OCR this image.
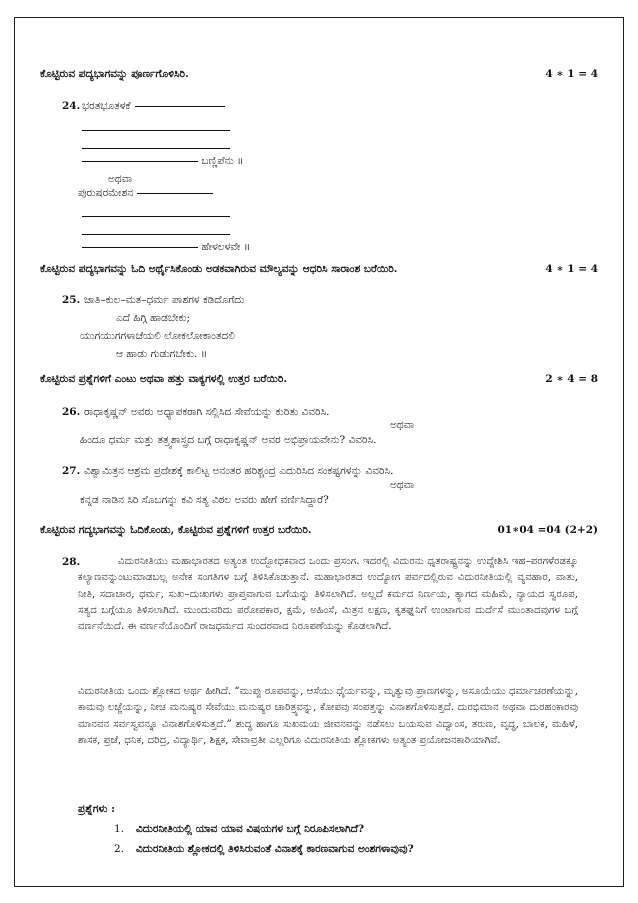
ಕೊಟ್ಟಿರುವ ಪದ್ಯಭಾಗವನ್ನು ಪೂರ್ಣಗೊಳಿಸಿರಿ.	4 ∗ 1 = 4
24. ಭರತಭೂತಳಕೆ
ಬಣ್ಣಿಪೆನು ॥
ಅಥವಾ
ಪುರುಷರಮೇಶನ
ಹೇಳಲಳವೇ ॥
ಕೊಟ್ಟಿರುವ ಪದ್ಯಭಾಗವನ್ನು ಓದಿ ಅರ್ಥೈಸಿಕೊಂಡು ಅಡಕವಾಗಿರುವ ಮೌಲ್ಯವನ್ನು ಆಧರಿಸಿ ಸಾರಾಂಶ ಬರೆಯಿರಿ.	4 ∗ 1 = 4
25. ಜಾತಿ–ಕುಲ–ಮತ–ಧರ್ಮ ಪಾಶಗಳ ಕಡಿದೊಗೆದು
ಎದೆ ಹಿಗ್ಗಿ ಹಾಡಬೇಕು;
ಯುಗಯುಗಗಳಾಚೆಯಲಿ ಲೋಕಲೋಕಾಂತದಲಿ
ಆ ಹಾಡು ಗುಡುಗಬೇಕು. ॥
ಕೊಟ್ಟಿರುವ ಪ್ರಶ್ನೆಗಳಿಗೆ ಎಂಟು ಅಥವಾ ಹತ್ತು ವಾಕ್ಯಗಳಲ್ಲಿ ಉತ್ತರ ಬರೆಯಿರಿ.	2 ∗ 4 = 8
26. ರಾಧಾಕೃಷ್ಣನ್ ಅವರು ಅಧ್ಯಾಪಕರಾಗಿ ಸಲ್ಲಿಸಿದ ಸೇವೆಯನ್ನು ಕುರಿತು ವಿವರಿಸಿ.
ಅಥವಾ
ಹಿಂದೂ ಧರ್ಮ ಮತ್ತು ತತ್ತ್ವಶಾಸ್ತ್ರದ ಬಗ್ಗೆ ರಾಧಾಕೃಷ್ಣನ್ ಅವರ ಅಭಿಪ್ರಾಯವೇನು? ವಿವರಿಸಿ.
27. ವಿಶ್ವಾಮಿತ್ರನ ಆಶ್ರಮ ಪ್ರದೇಶಕ್ಕೆ ಕಾಲಿಟ್ಟ ಅನಂತರ ಹರಿಶ್ಚಂದ್ರ ಎದುರಿಸಿದ ಸಂಕಷ್ಟಗಳನ್ನು ವಿವರಿಸಿ.
ಅಥವಾ
ಕನ್ನಡ ನಾಡಿನ ಸಿರಿ ಸೊಬಗನ್ನು ಕವಿ ಸತ್ಯ ವಿಠಲ ಅವರು ಹೇಗೆ ವರ್ಣಿಸಿದ್ದಾರೆ?
ಕೊಟ್ಟಿರುವ ಗದ್ಯಭಾಗವನ್ನು ಓದಿಕೊಂಡು, ಕೊಟ್ಟಿರುವ ಪ್ರಶ್ನೆಗಳಿಗೆ ಉತ್ತರ ಬರೆಯಿರಿ.	01∗04 =04 (2+2)
28.	ವಿದುರನೀತಿಯು ಮಹಾಭಾರತದ ಅತ್ಯಂತ ಉದ್ಬೋಧಕವಾದ ಒಂದು ಪ್ರಸಂಗ. ಇದರಲ್ಲಿ ವಿದುರನು ಧೃತರಾಷ್ಟ್ರನನ್ನು ಉದ್ದೇಶಿಸಿ ಇಹ–ಪರಗಳೆರಡಕ್ಕೂ ಕಲ್ಯಾಣವನ್ನುಂಟುಮಾಡಬಲ್ಲ ಅನೇಕ ಸಂಗತಿಗಳ ಬಗ್ಗೆ ತಿಳಿಸಿಕೊಡುತ್ತಾನೆ. ಮಹಾಭಾರತದ ಉದ್ಯೋಗ ಪರ್ವದಲ್ಲಿರುವ ವಿದುರನೀತಿಯಲ್ಲಿ ವ್ಯವಹಾರ, ವಾತು, ನೀತಿ, ಸದಾಚಾರ, ಧರ್ಮ, ಸುಖ–ದುಃಖಗಳು ಪ್ರಾಪ್ತವಾಗುವ ಬಗೆಯನ್ನು ತಿಳಿಸಲಾಗಿದೆ. ಅಲ್ಲದೆ ಕರ್ಮದ ನಿರ್ಣಯ, ತ್ಯಾಗದ ಮಹಿಮೆ, ನ್ಯಾಯದ ಸ್ವರೂಪ, ಸತ್ಯದ ಬಗ್ಗೆಯೂ ತಿಳಿಸಲಾಗಿದೆ. ಮುಂದುವರಿದು ಪರೋಪಕಾರ, ಕ್ಷಮೆ, ಅಹಿಂಸೆ, ಮಿತ್ರನ ಲಕ್ಷಣ, ಕೃತಘ್ನನಿಗೆ ಉಂಟಾಗುವ ದುರ್ದೆಸೆ ಮುಂತಾದವುಗಳ ಬಗ್ಗೆ ವರ್ಣನೆಯಿದೆ. ಈ ವರ್ಣನೆಯೊಂದಿಗೆ ರಾಜಧರ್ಮದ ಸುಂದರವಾದ ನಿರೂಪಣೆಯನ್ನು ಕೊಡಲಾಗಿದೆ.

ವಿದುರನೀತಿಯ ಒಂದು ಶ್ಲೋಕದ ಅರ್ಥ ಹೀಗಿದೆ. “ಮುಪ್ಪು ರೂಪವನ್ನು, ಆಸೆಯು ಧೈರ್ಯವನ್ನು, ಮೃತ್ಯುವು ಪ್ರಾಣಗಳನ್ನು, ಅಸೂಯೆಯು ಧರ್ಮಾಚರಣೆಯನ್ನು, ಕಾಮವು ಲಜ್ಜೆಯನ್ನು, ನೀಚ ಮನುಷ್ಯರ ಸೇವೆಯು ಮನುಷ್ಯರ ಚಾರಿತ್ರ್ಯವನ್ನು, ಕೋಪವು ಸಂಪತ್ತನ್ನು ವಿನಾಶಗೊಳಿಸುತ್ತದೆ. ದುರಭಿಮಾನ ಅಥವಾ ದುರಹಂಕಾರವು ಮಾನವನ ಸರ್ವಸ್ವವನ್ನೂ ವಿನಾಶಗೊಳಿಸುತ್ತದೆ.” ಶುದ್ಧ ಹಾಗೂ ಸುಖಮಯ ಜೀವನವನ್ನು ನಡೆಸಲು ಬಯಸುವ ವಿದ್ವಾಂಸ, ತರುಣ, ವೃದ್ಧ, ಬಾಲಕ, ಮಹಿಳೆ, ಶಾಸಕ, ಪ್ರಜೆ, ಧನಿಕ, ದರಿದ್ರ, ವಿದ್ಯಾರ್ಥಿ, ಶಿಕ್ಷಕ, ಸೇವಾವ್ರತೀ ಎಲ್ಲರಿಗೂ ವಿದುರನೀತಿಯ ಶ್ಲೋಕಗಳು ಅತ್ಯಂತ ಪ್ರಯೋಜನಕಾರಿಯಾಗಿವೆ.

ಪ್ರಶ್ನೆಗಳು :
1. ವಿದುರನೀತಿಯಲ್ಲಿ ಯಾವ ಯಾವ ವಿಷಯಗಳ ಬಗ್ಗೆ ನಿರೂಪಿಸಲಾಗಿದೆ?
2. ವಿದುರನೀತಿಯ ಶ್ಲೋಕದಲ್ಲಿ ತಿಳಿಸಿರುವಂತೆ ವಿನಾಶಕ್ಕೆ ಕಾರಣವಾಗುವ ಅಂಶಗಳಾವುವು?
